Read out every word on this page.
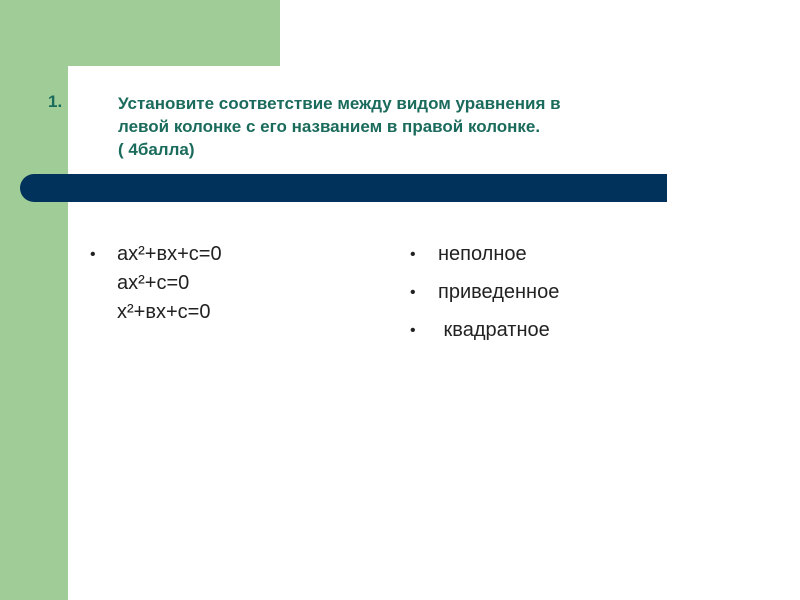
1.	Установите соответствие между видом уравнения в
левой колонке с его названием в правой колонке.
( 4балла)
• ax²+вx+c=0
ax²+c=0
x²+вx+c=0
• неполное
• приведенное
• квадратное
